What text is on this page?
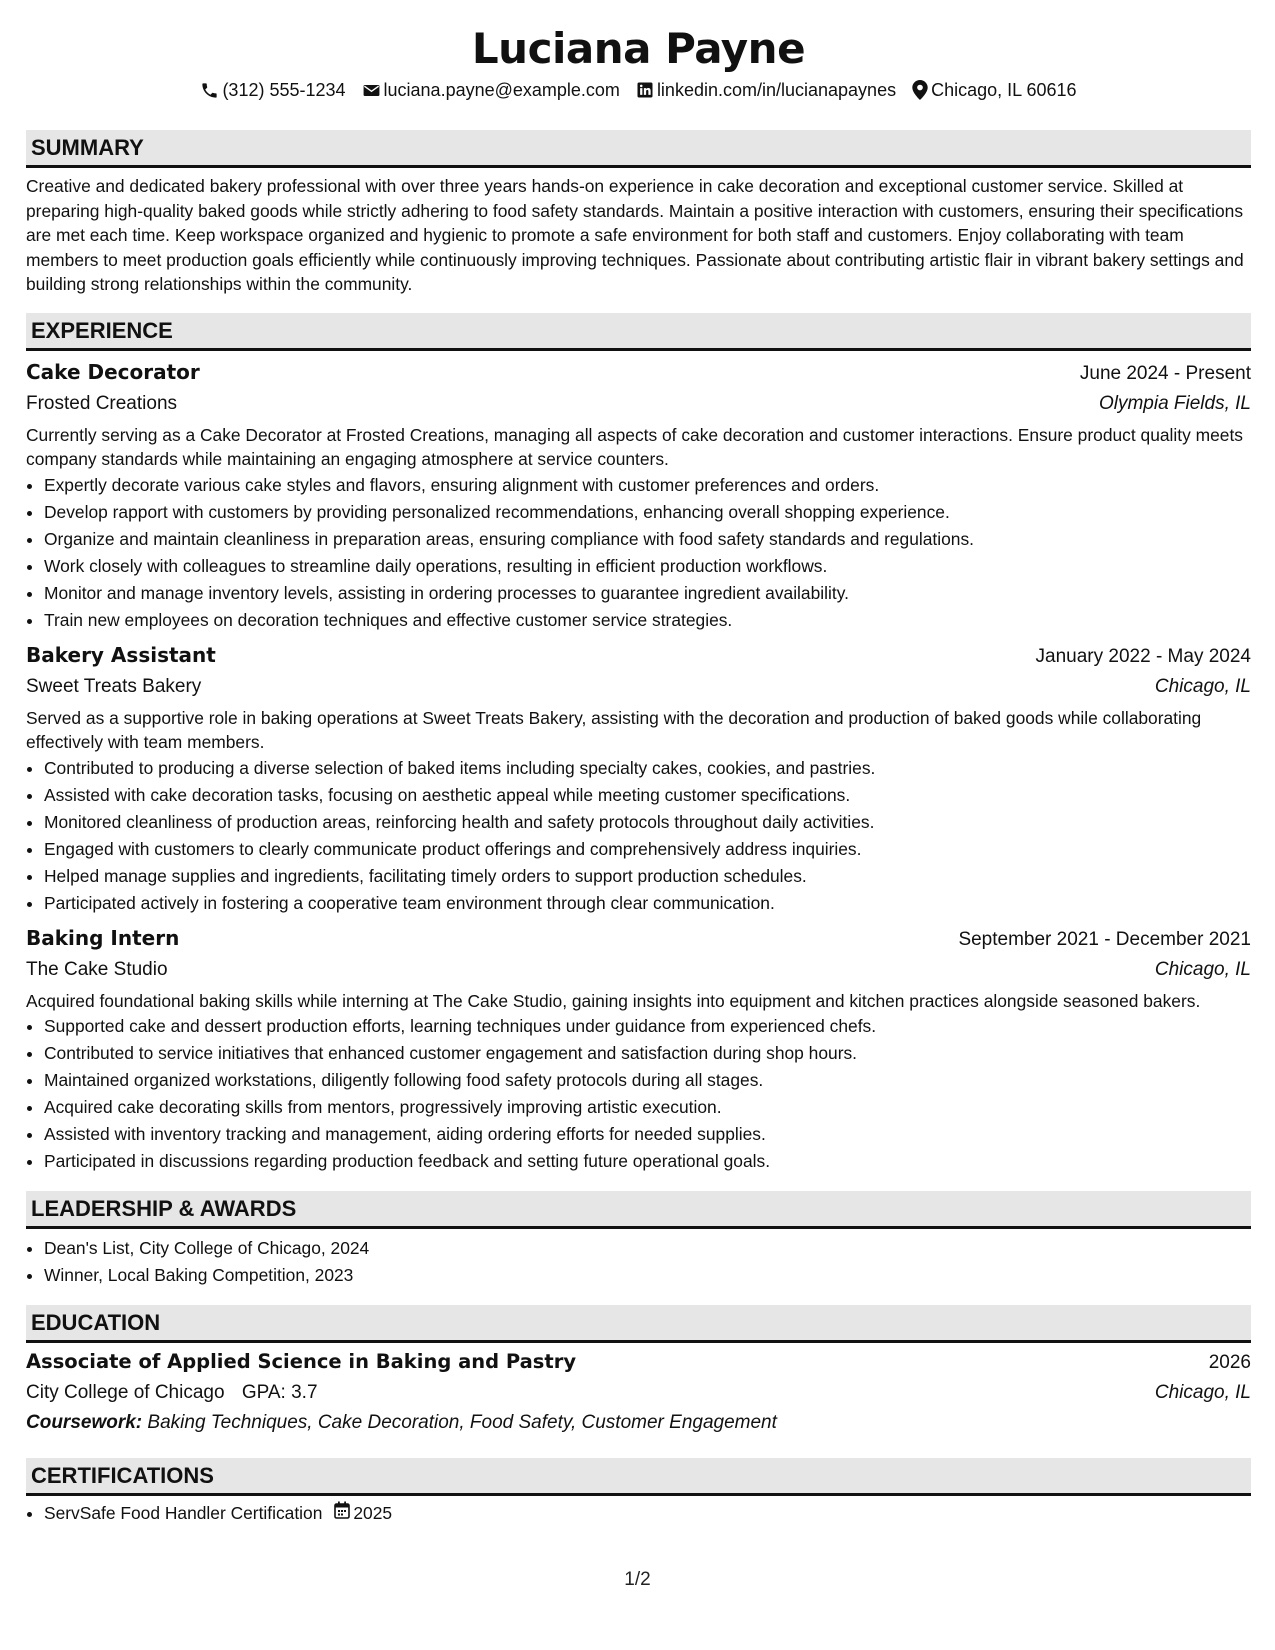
Luciana Payne
(312) 555-1234 luciana.payne@example.com linkedin.com/in/lucianapaynes Chicago, IL 60616
SUMMARY
Creative and dedicated bakery professional with over three years hands-on experience in cake decoration and exceptional customer service. Skilled at preparing high-quality baked goods while strictly adhering to food safety standards. Maintain a positive interaction with customers, ensuring their specifications are met each time. Keep workspace organized and hygienic to promote a safe environment for both staff and customers. Enjoy collaborating with team members to meet production goals efficiently while continuously improving techniques. Passionate about contributing artistic flair in vibrant bakery settings and building strong relationships within the community.
EXPERIENCE
Cake Decorator	June 2024 - Present
Frosted Creations	Olympia Fields, IL
Currently serving as a Cake Decorator at Frosted Creations, managing all aspects of cake decoration and customer interactions. Ensure product quality meets company standards while maintaining an engaging atmosphere at service counters.
• Expertly decorate various cake styles and flavors, ensuring alignment with customer preferences and orders.
• Develop rapport with customers by providing personalized recommendations, enhancing overall shopping experience.
• Organize and maintain cleanliness in preparation areas, ensuring compliance with food safety standards and regulations.
• Work closely with colleagues to streamline daily operations, resulting in efficient production workflows.
• Monitor and manage inventory levels, assisting in ordering processes to guarantee ingredient availability.
• Train new employees on decoration techniques and effective customer service strategies.
Bakery Assistant	January 2022 - May 2024
Sweet Treats Bakery	Chicago, IL
Served as a supportive role in baking operations at Sweet Treats Bakery, assisting with the decoration and production of baked goods while collaborating effectively with team members.
• Contributed to producing a diverse selection of baked items including specialty cakes, cookies, and pastries.
• Assisted with cake decoration tasks, focusing on aesthetic appeal while meeting customer specifications.
• Monitored cleanliness of production areas, reinforcing health and safety protocols throughout daily activities.
• Engaged with customers to clearly communicate product offerings and comprehensively address inquiries.
• Helped manage supplies and ingredients, facilitating timely orders to support production schedules.
• Participated actively in fostering a cooperative team environment through clear communication.
Baking Intern	September 2021 - December 2021
The Cake Studio	Chicago, IL
Acquired foundational baking skills while interning at The Cake Studio, gaining insights into equipment and kitchen practices alongside seasoned bakers.
• Supported cake and dessert production efforts, learning techniques under guidance from experienced chefs.
• Contributed to service initiatives that enhanced customer engagement and satisfaction during shop hours.
• Maintained organized workstations, diligently following food safety protocols during all stages.
• Acquired cake decorating skills from mentors, progressively improving artistic execution.
• Assisted with inventory tracking and management, aiding ordering efforts for needed supplies.
• Participated in discussions regarding production feedback and setting future operational goals.
LEADERSHIP & AWARDS
• Dean's List, City College of Chicago, 2024
• Winner, Local Baking Competition, 2023
EDUCATION
Associate of Applied Science in Baking and Pastry	2026
City College of Chicago GPA: 3.7	Chicago, IL
Coursework: Baking Techniques, Cake Decoration, Food Safety, Customer Engagement
CERTIFICATIONS
• ServSafe Food Handler Certification 2025
1/2
